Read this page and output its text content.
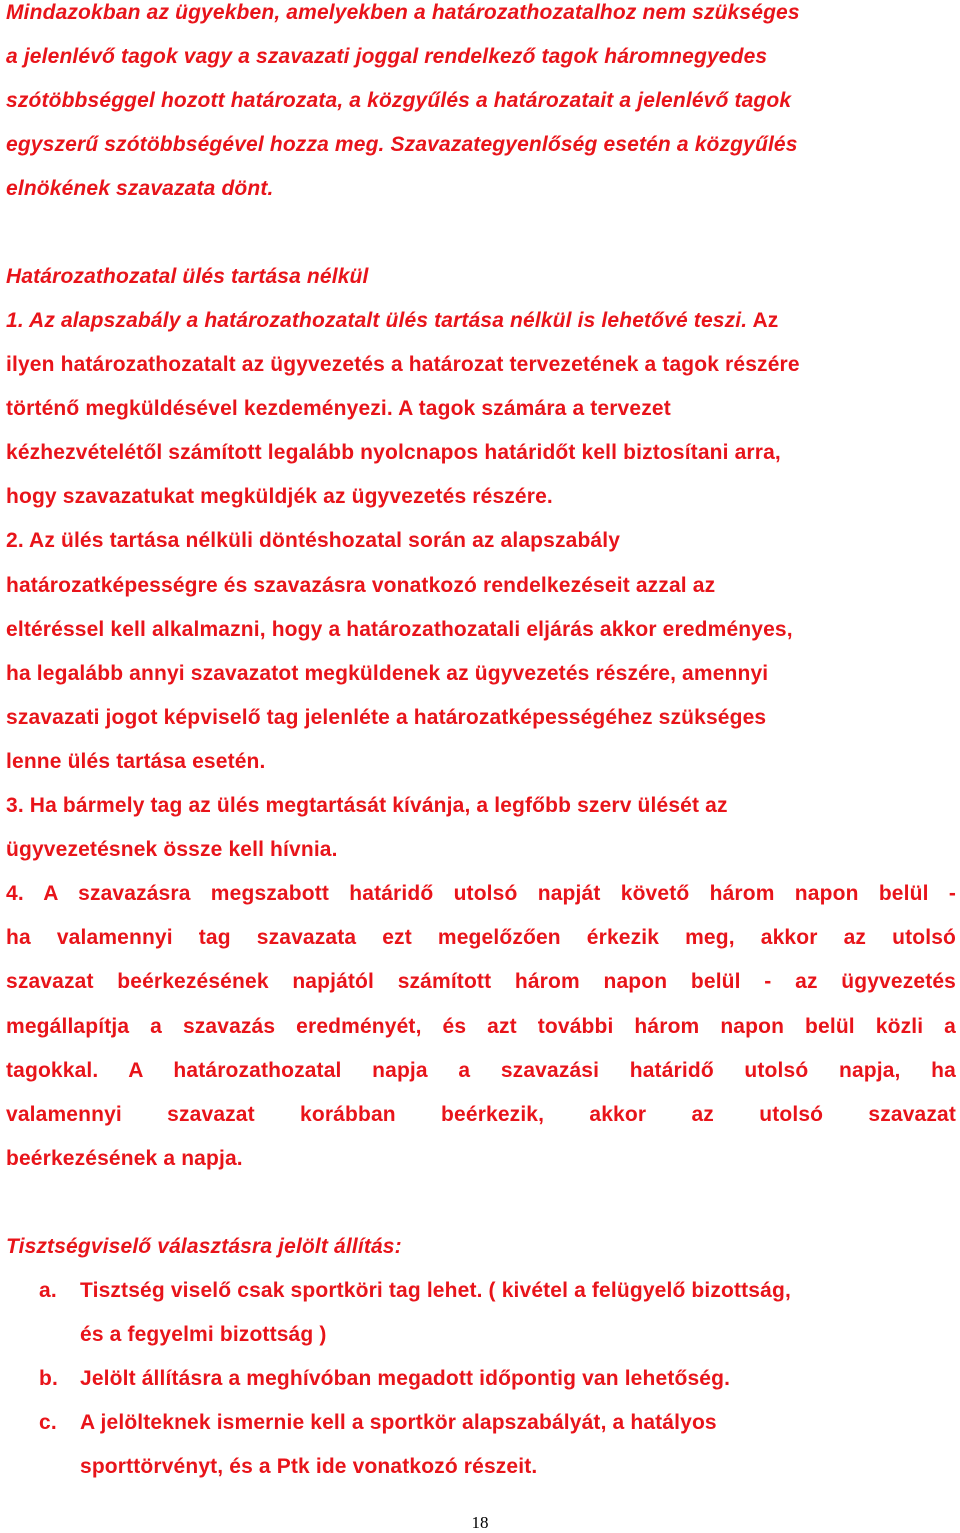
Mindazokban az ügyekben, amelyekben a határozathozatalhoz nem szükséges
a jelenlévő tagok vagy a szavazati joggal rendelkező tagok háromnegyedes
szótöbbséggel hozott határozata, a közgyűlés a határozatait a jelenlévő tagok
egyszerű szótöbbségével hozza meg. Szavazategyenlőség esetén a közgyűlés
elnökének szavazata dönt.

Határozathozatal ülés tartása nélkül

1. Az alapszabály a határozathozatalt ülés tartása nélkül is lehetővé teszi. Az
ilyen határozathozatalt az ügyvezetés a határozat tervezetének a tagok részére
történő megküldésével kezdeményezi. A tagok számára a tervezet
kézhezvételétől számított legalább nyolcnapos határidőt kell biztosítani arra,
hogy szavazatukat megküldjék az ügyvezetés részére.

2. Az ülés tartása nélküli döntéshozatal során az alapszabály
határozatképességre és szavazásra vonatkozó rendelkezéseit azzal az
eltéréssel kell alkalmazni, hogy a határozathozatali eljárás akkor eredményes,
ha legalább annyi szavazatot megküldenek az ügyvezetés részére, amennyi
szavazati jogot képviselő tag jelenléte a határozatképességéhez szükséges
lenne ülés tartása esetén.

3. Ha bármely tag az ülés megtartását kívánja, a legfőbb szerv ülését az
ügyvezetésnek össze kell hívnia.

4. A szavazásra megszabott határidő utolsó napját követő három napon belül -
ha valamennyi tag szavazata ezt megelőzően érkezik meg, akkor az utolsó
szavazat beérkezésének napjától számított három napon belül - az ügyvezetés
megállapítja a szavazás eredményét, és azt további három napon belül közli a
tagokkal. A határozathozatal napja a szavazási határidő utolsó napja, ha
valamennyi szavazat korábban beérkezik, akkor az utolsó szavazat
beérkezésének a napja.

Tisztségviselő választásra jelölt állítás:

a. Tisztség viselő csak sportköri tag lehet. ( kivétel a felügyelő bizottság,
és a fegyelmi bizottság )
b. Jelölt állításra a meghívóban megadott időpontig van lehetőség.
c. A jelölteknek ismernie kell a sportkör alapszabályát, a hatályos
sporttörvényt, és a Ptk ide vonatkozó részeit.
18
